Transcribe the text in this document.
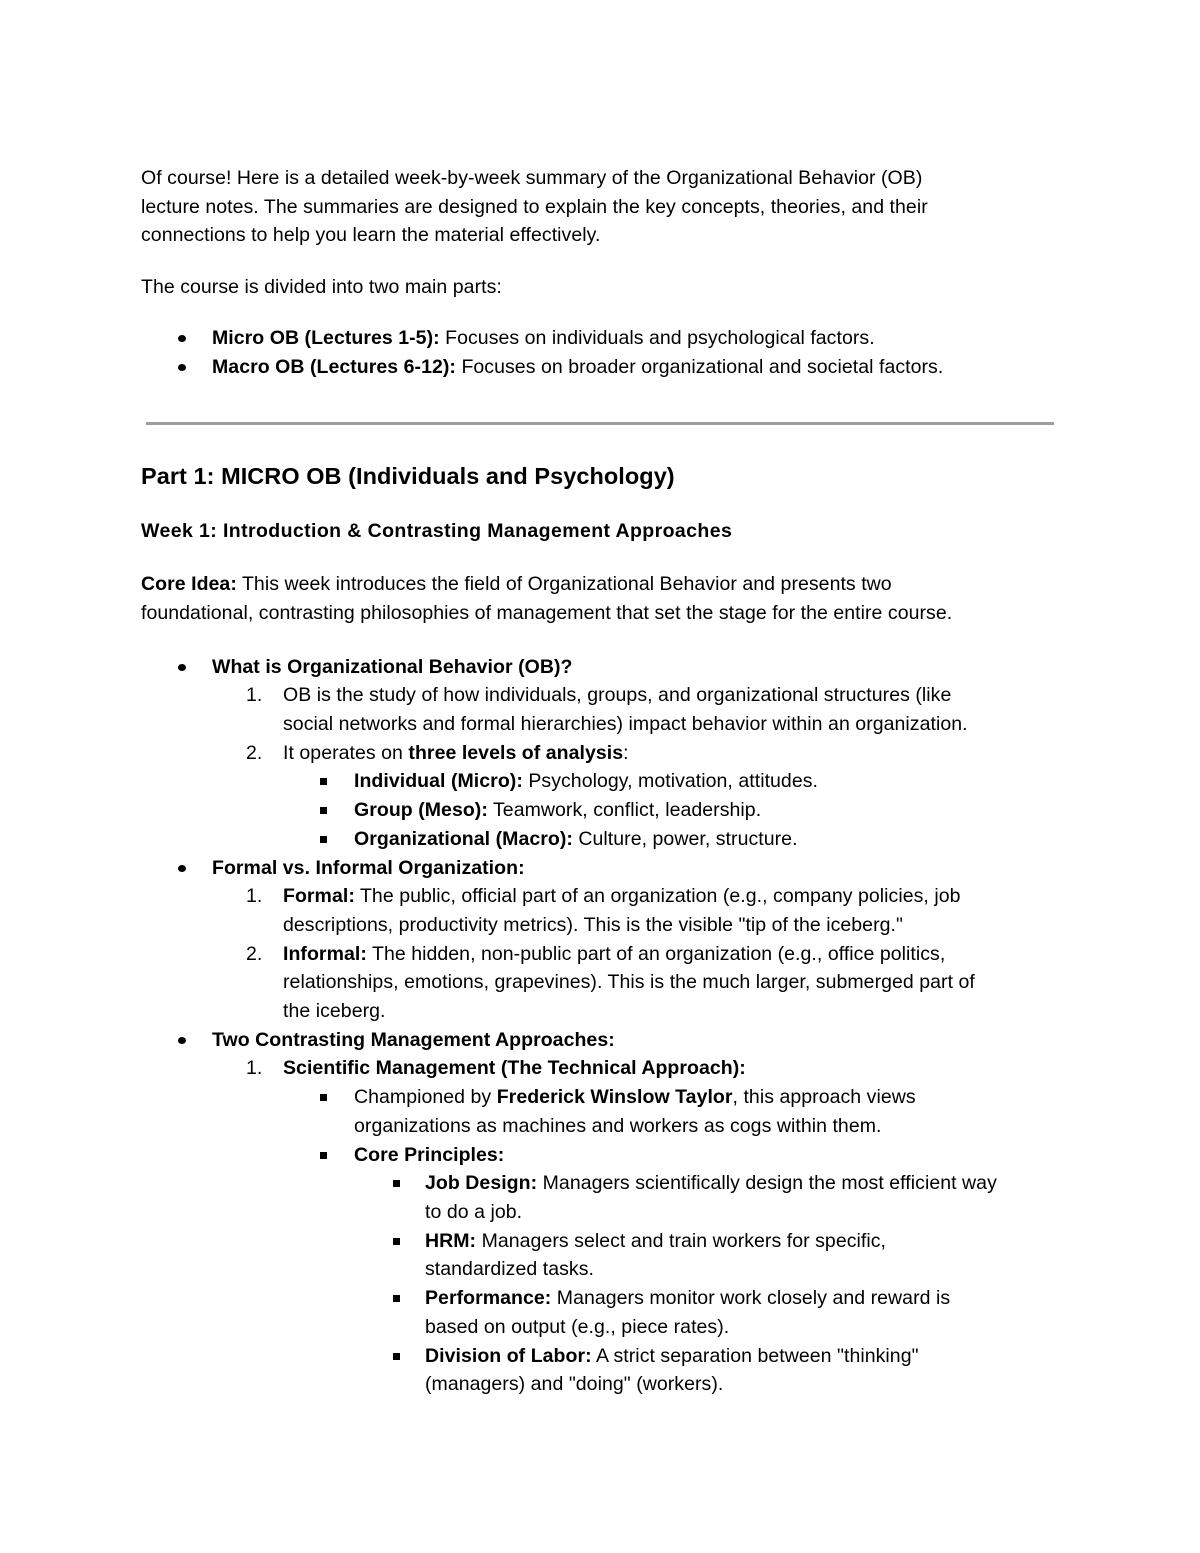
Of course! Here is a detailed week-by-week summary of the Organizational Behavior (OB)
lecture notes. The summaries are designed to explain the key concepts, theories, and their
connections to help you learn the material effectively.

The course is divided into two main parts:

Micro OB (Lectures 1-5): Focuses on individuals and psychological factors.
Macro OB (Lectures 6-12): Focuses on broader organizational and societal factors.
Part 1: MICRO OB (Individuals and Psychology)
Week 1: Introduction & Contrasting Management Approaches

Core Idea: This week introduces the field of Organizational Behavior and presents two
foundational, contrasting philosophies of management that set the stage for the entire course.

What is Organizational Behavior (OB)?
1. OB is the study of how individuals, groups, and organizational structures (like
social networks and formal hierarchies) impact behavior within an organization.
2. It operates on three levels of analysis:
Individual (Micro): Psychology, motivation, attitudes.
Group (Meso): Teamwork, conflict, leadership.
Organizational (Macro): Culture, power, structure.
Formal vs. Informal Organization:
1. Formal: The public, official part of an organization (e.g., company policies, job
descriptions, productivity metrics). This is the visible "tip of the iceberg."
2. Informal: The hidden, non-public part of an organization (e.g., office politics,
relationships, emotions, grapevines). This is the much larger, submerged part of
the iceberg.
Two Contrasting Management Approaches:
1. Scientific Management (The Technical Approach):
Championed by Frederick Winslow Taylor, this approach views
organizations as machines and workers as cogs within them.
Core Principles:
Job Design: Managers scientifically design the most efficient way
to do a job.
HRM: Managers select and train workers for specific,
standardized tasks.
Performance: Managers monitor work closely and reward is
based on output (e.g., piece rates).
Division of Labor: A strict separation between "thinking"
(managers) and "doing" (workers).
